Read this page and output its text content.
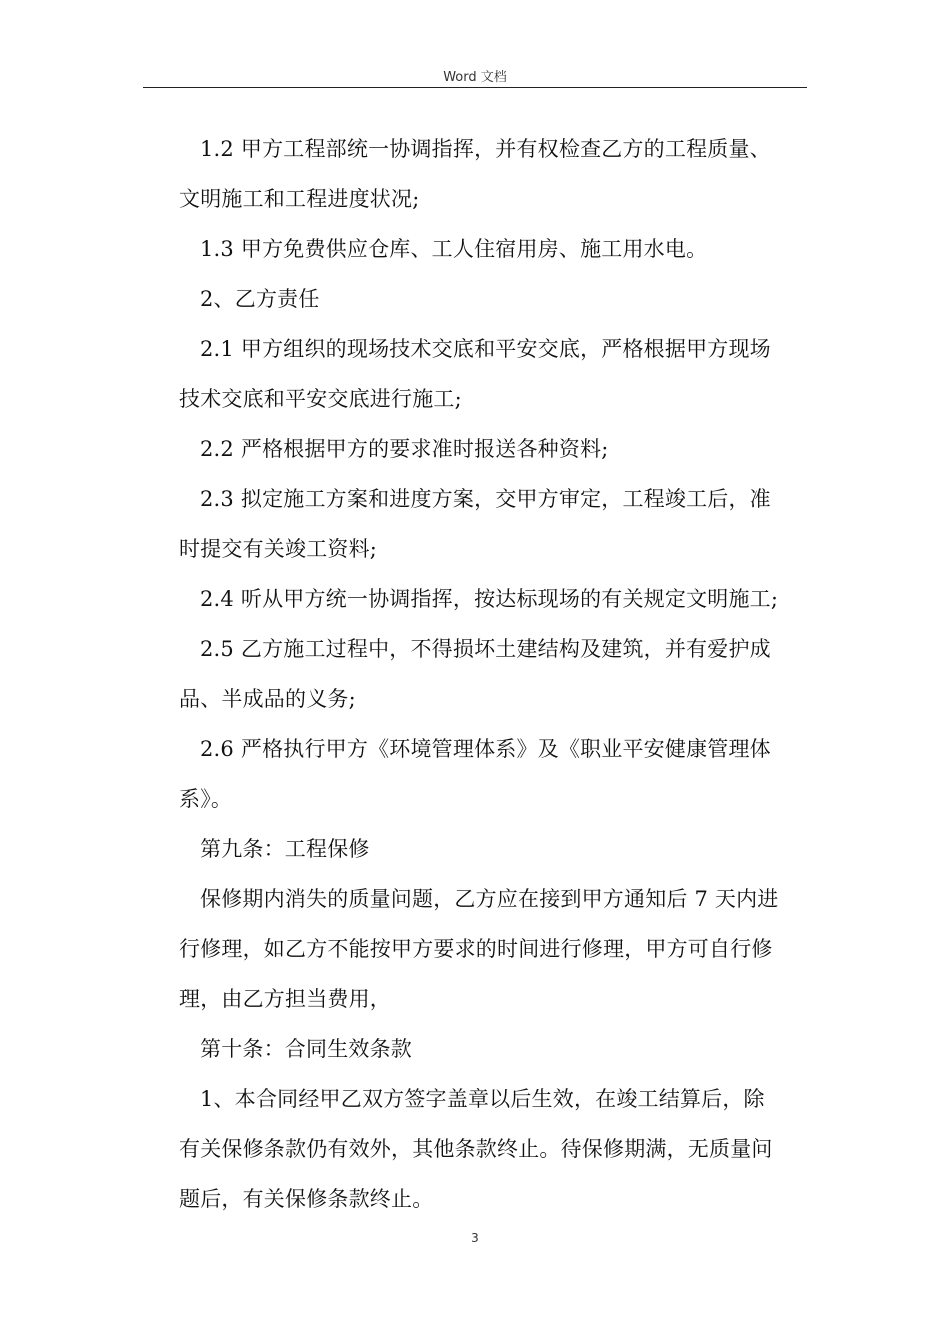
Word 文档
1.2 甲方工程部统一协调指挥，并有权检查乙方的工程质量、
文明施工和工程进度状况;
1.3 甲方免费供应仓库、工人住宿用房、施工用水电。
2、乙方责任
2.1 甲方组织的现场技术交底和平安交底，严格根据甲方现场
技术交底和平安交底进行施工;
2.2 严格根据甲方的要求准时报送各种资料;
2.3 拟定施工方案和进度方案，交甲方审定，工程竣工后，准
时提交有关竣工资料;
2.4 听从甲方统一协调指挥，按达标现场的有关规定文明施工;
2.5 乙方施工过程中，不得损坏土建结构及建筑，并有爱护成
品、半成品的义务;
2.6 严格执行甲方《环境管理体系》及《职业平安健康管理体
系》。
第九条：工程保修
保修期内消失的质量问题，乙方应在接到甲方通知后 7 天内进
行修理，如乙方不能按甲方要求的时间进行修理，甲方可自行修
理，由乙方担当费用，
第十条：合同生效条款
1、本合同经甲乙双方签字盖章以后生效，在竣工结算后，除
有关保修条款仍有效外，其他条款终止。待保修期满，无质量问
题后，有关保修条款终止。
3
